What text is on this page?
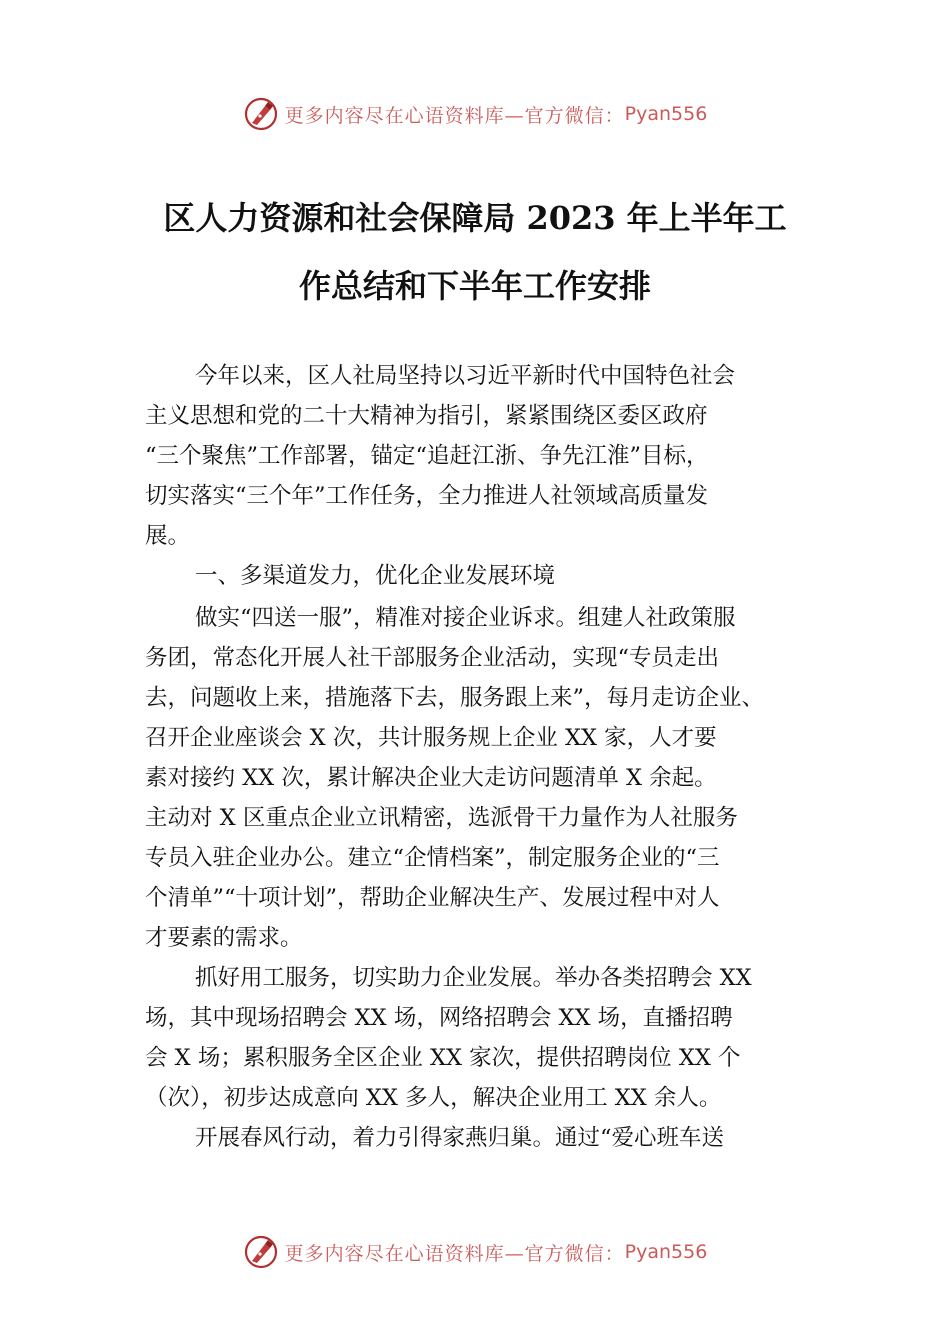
更多内容尽在心语资料库—官方微信： Pyan556
区人力资源和社会保障局 2023 年上半年工
作总结和下半年工作安排
今年以来，区人社局坚持以习近平新时代中国特色社会
主义思想和党的二十大精神为指引，紧紧围绕区委区政府
“三个聚焦”工作部署，锚定“追赶江浙、争先江淮”目标，
切实落实“三个年”工作任务，全力推进人社领域高质量发
展。
一、多渠道发力，优化企业发展环境
做实“四送一服”，精准对接企业诉求。组建人社政策服
务团，常态化开展人社干部服务企业活动，实现“专员走出
去，问题收上来，措施落下去，服务跟上来”，每月走访企业、
召开企业座谈会 X 次，共计服务规上企业 XX 家，人才要
素对接约 XX 次，累计解决企业大走访问题清单 X 余起。
主动对 X 区重点企业立讯精密，选派骨干力量作为人社服务
专员入驻企业办公。建立“企情档案”，制定服务企业的“三
个清单”“十项计划”，帮助企业解决生产、发展过程中对人
才要素的需求。
抓好用工服务，切实助力企业发展。举办各类招聘会 XX
场，其中现场招聘会 XX 场，网络招聘会 XX 场，直播招聘
会 X 场；累积服务全区企业 XX 家次，提供招聘岗位 XX 个
（次），初步达成意向 XX 多人，解决企业用工 XX 余人。
开展春风行动，着力引得家燕归巢。通过“爱心班车送
更多内容尽在心语资料库—官方微信： Pyan556
